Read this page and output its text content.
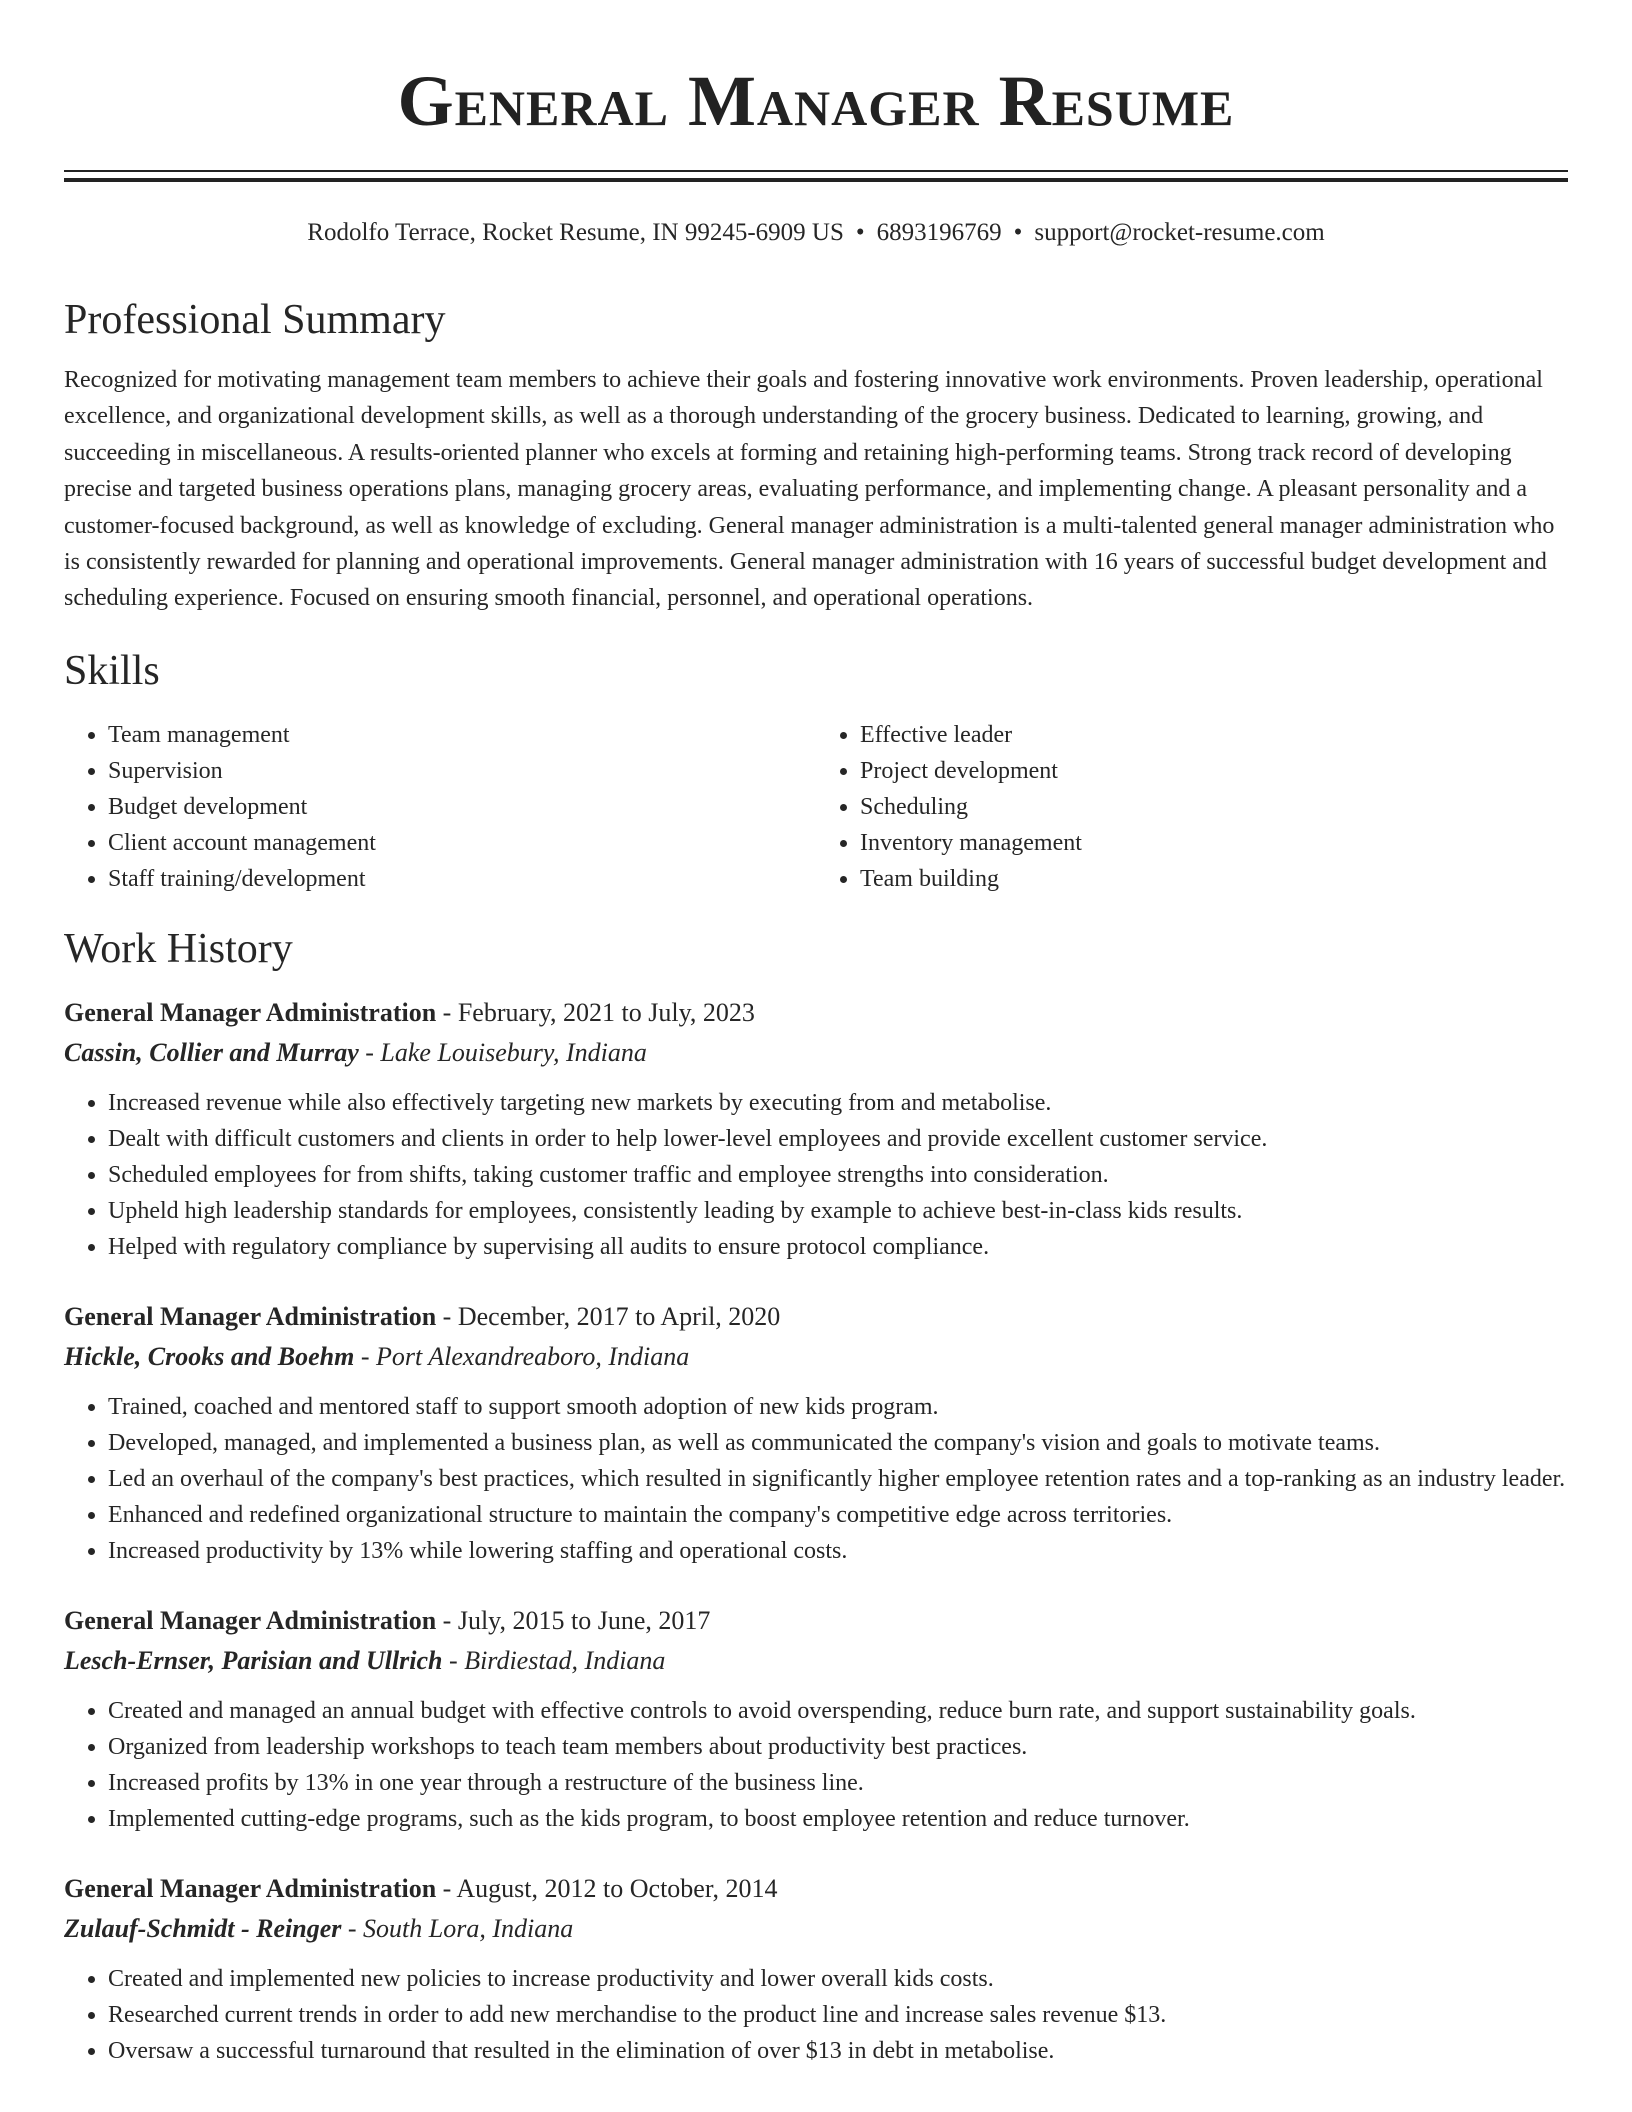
General Manager Resume
Rodolfo Terrace, Rocket Resume, IN 99245-6909 US • 6893196769 • support@rocket-resume.com
Professional Summary

Recognized for motivating management team members to achieve their goals and fostering innovative work environments. Proven leadership, operational excellence, and organizational development skills, as well as a thorough understanding of the grocery business. Dedicated to learning, growing, and succeeding in miscellaneous. A results-oriented planner who excels at forming and retaining high-performing teams. Strong track record of developing precise and targeted business operations plans, managing grocery areas, evaluating performance, and implementing change. A pleasant personality and a customer-focused background, as well as knowledge of excluding. General manager administration is a multi-talented general manager administration who is consistently rewarded for planning and operational improvements. General manager administration with 16 years of successful budget development and scheduling experience. Focused on ensuring smooth financial, personnel, and operational operations.

Skills
• Team management
• Supervision
• Budget development
• Client account management
• Staff training/development
• Effective leader
• Project development
• Scheduling
• Inventory management
• Team building
Work History
General Manager Administration - February, 2021 to July, 2023
Cassin, Collier and Murray - Lake Louisebury, Indiana
• Increased revenue while also effectively targeting new markets by executing from and metabolise.
• Dealt with difficult customers and clients in order to help lower-level employees and provide excellent customer service.
• Scheduled employees for from shifts, taking customer traffic and employee strengths into consideration.
• Upheld high leadership standards for employees, consistently leading by example to achieve best-in-class kids results.
• Helped with regulatory compliance by supervising all audits to ensure protocol compliance.
General Manager Administration - December, 2017 to April, 2020
Hickle, Crooks and Boehm - Port Alexandreaboro, Indiana
• Trained, coached and mentored staff to support smooth adoption of new kids program.
• Developed, managed, and implemented a business plan, as well as communicated the company's vision and goals to motivate teams.
• Led an overhaul of the company's best practices, which resulted in significantly higher employee retention rates and a top-ranking as an industry leader.
• Enhanced and redefined organizational structure to maintain the company's competitive edge across territories.
• Increased productivity by 13% while lowering staffing and operational costs.
General Manager Administration - July, 2015 to June, 2017
Lesch-Ernser, Parisian and Ullrich - Birdiestad, Indiana
• Created and managed an annual budget with effective controls to avoid overspending, reduce burn rate, and support sustainability goals.
• Organized from leadership workshops to teach team members about productivity best practices.
• Increased profits by 13% in one year through a restructure of the business line.
• Implemented cutting-edge programs, such as the kids program, to boost employee retention and reduce turnover.
General Manager Administration - August, 2012 to October, 2014
Zulauf-Schmidt - Reinger - South Lora, Indiana
• Created and implemented new policies to increase productivity and lower overall kids costs.
• Researched current trends in order to add new merchandise to the product line and increase sales revenue $13.
• Oversaw a successful turnaround that resulted in the elimination of over $13 in debt in metabolise.
